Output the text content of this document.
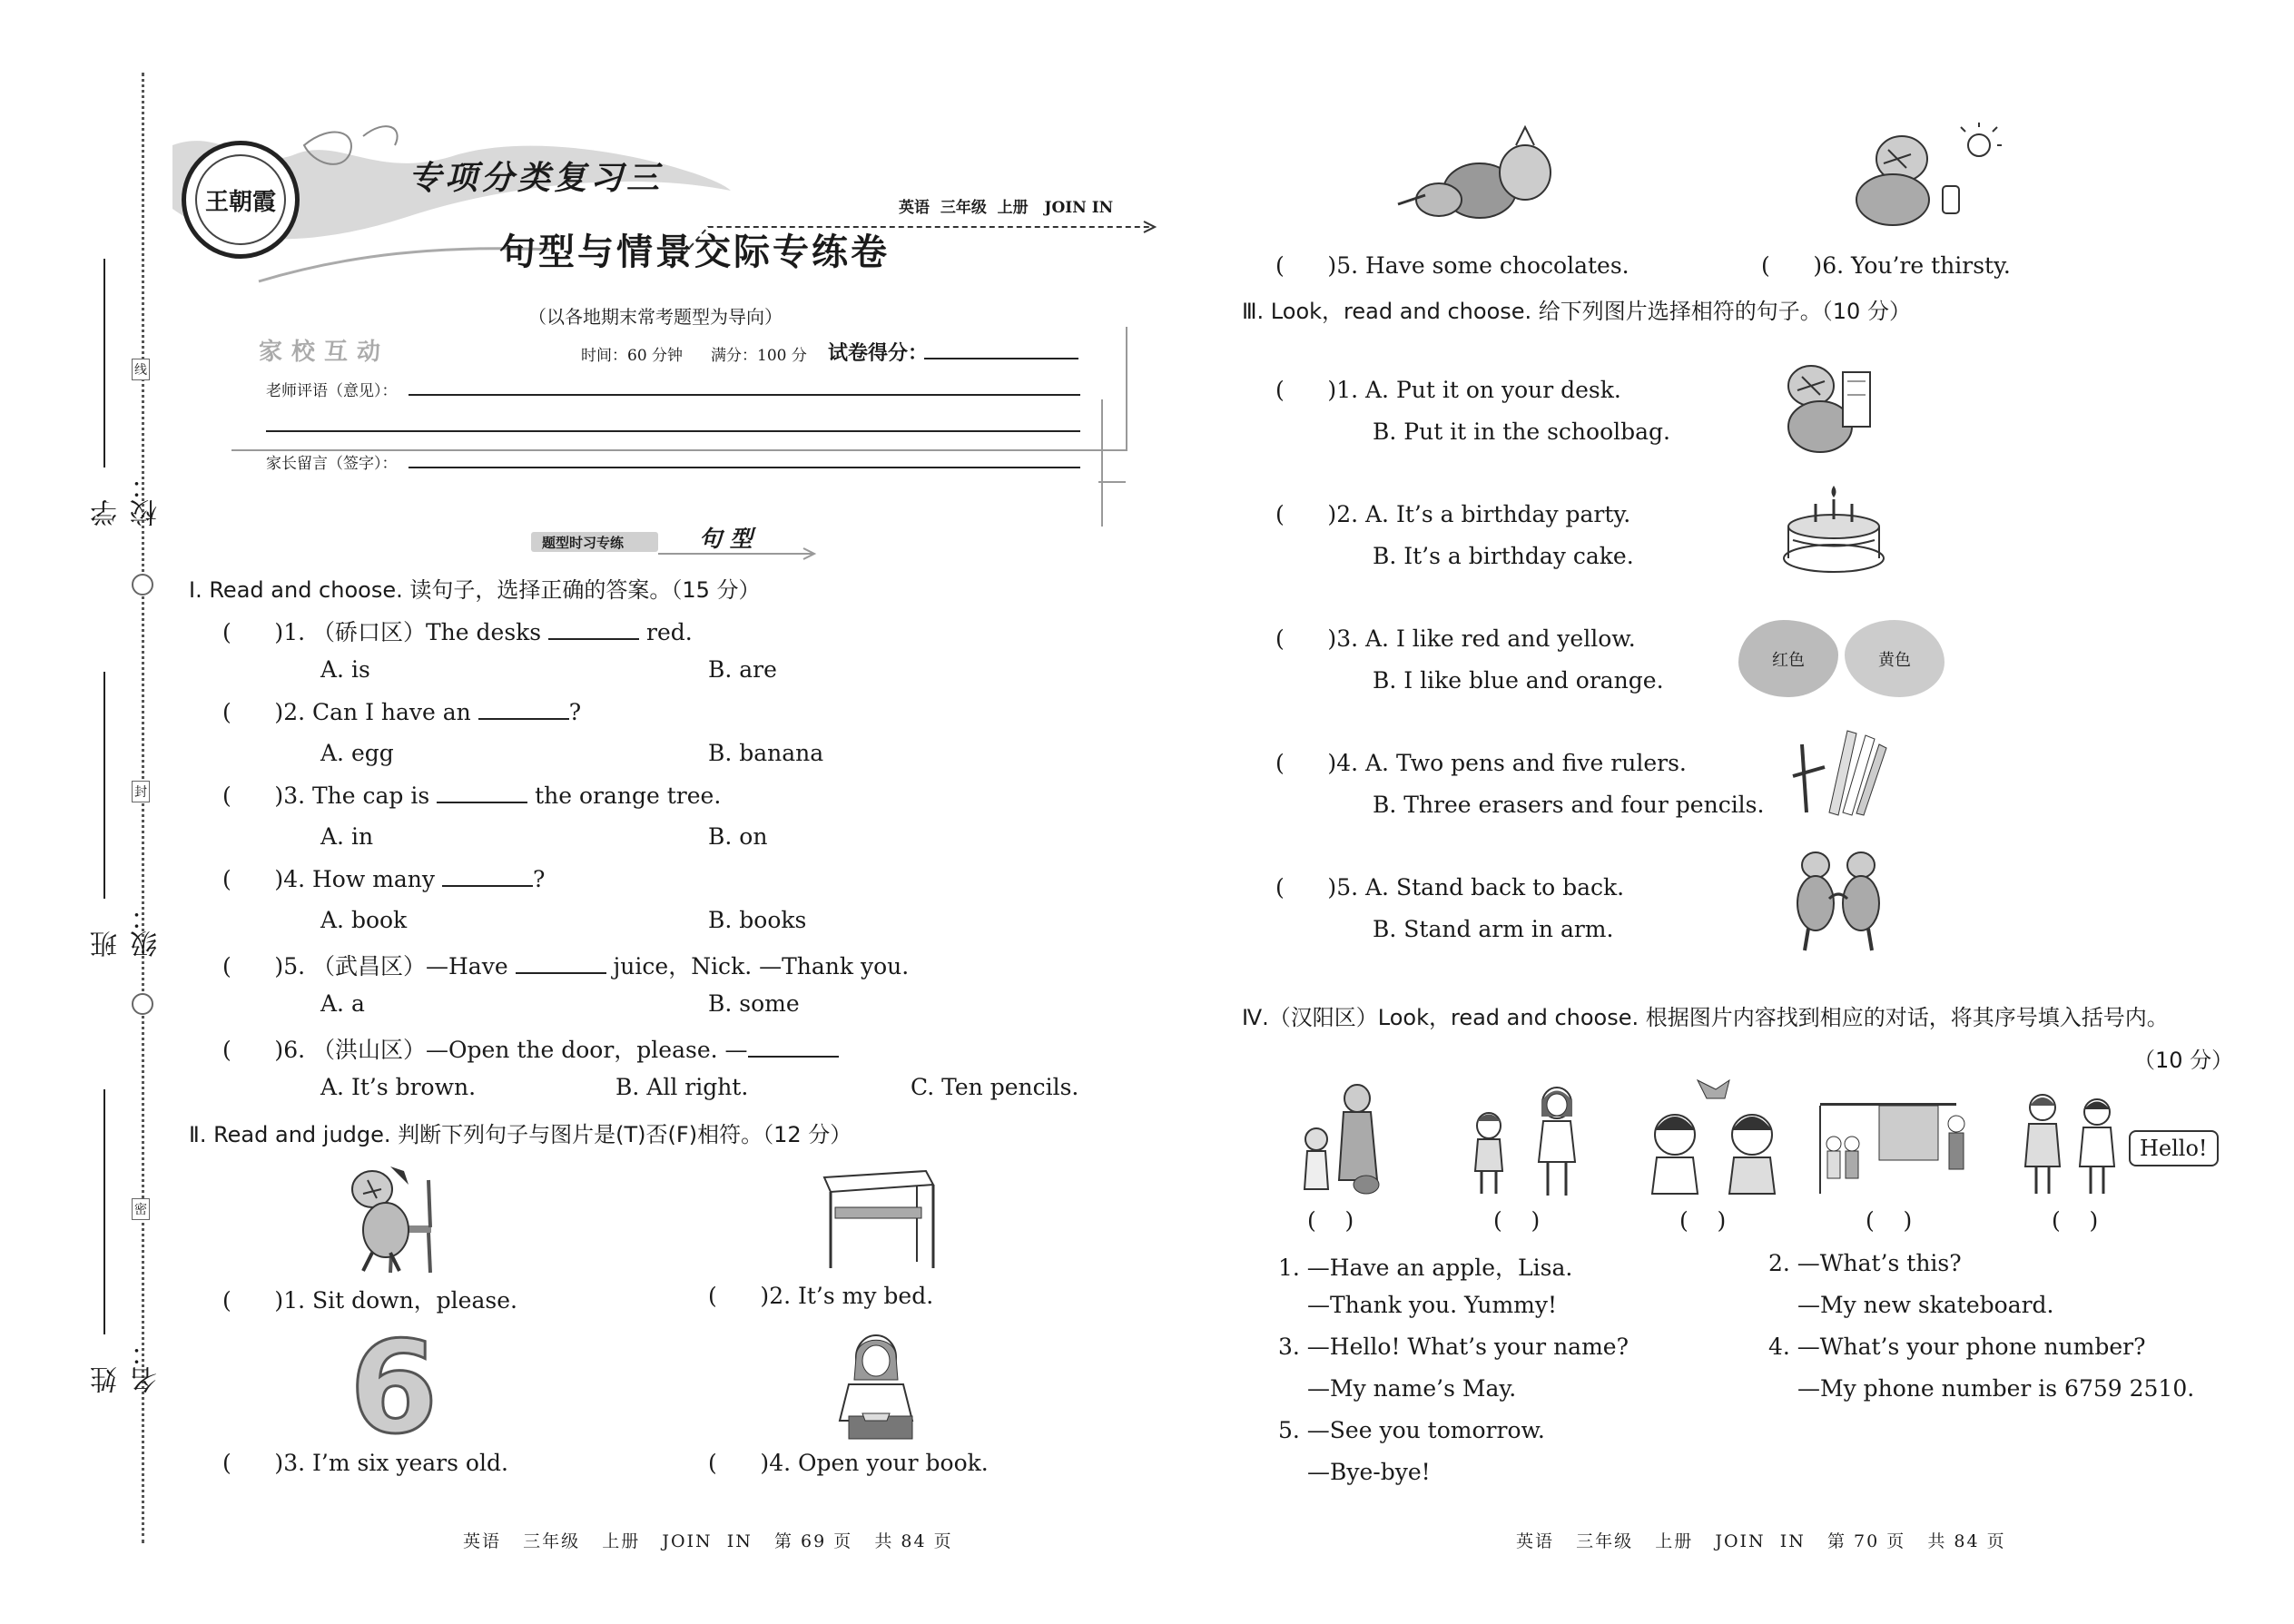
学校：
班级：
姓名：
线
封
密
王朝霞
专项分类复习三
英语  三年级  上册   JOIN IN
句型与情景交际专练卷
（以各地期末常考题型为导向）
家校互动	时间：60 分钟 满分：100 分 试卷得分：
老师评语（意见）：
家长留言（签字）：
题型时习专练	句 型
Ⅰ. Read and choose. 读句子，选择正确的答案。（15 分）
(      )1. （硚口区）The desks	red.
A. is	B. are
(      )2. Can I have an	?
A. egg	B. banana
(      )3. The cap is	the orange tree.
A. in	B. on
(      )4. How many	?
A. book	B. books
(      )5. （武昌区）—Have	juice，Nick. —Thank you.
A. a	B. some
(      )6. （洪山区）—Open the door，please. —
A. It’s brown.	B. All right.	C. Ten pencils.
Ⅱ. Read and judge. 判断下列句子与图片是(T)否(F)相符。（12 分）
(      )1. Sit down，please.	(      )2. It’s my bed.
6
(      )3. I’m six years old.	(      )4. Open your book.
英语   三年级   上册   JOIN  IN   第 69 页   共 84 页
(      )5. Have some chocolates.	(      )6. You’re thirsty.
Ⅲ. Look，read and choose. 给下列图片选择相符的句子。（10 分）
(      )1. A. Put it on your desk.
B. Put it in the schoolbag.
(      )2. A. It’s a birthday party.
B. It’s a birthday cake.
(      )3. A. I like red and yellow.
B. I like blue and orange.
红色	黄色
(      )4. A. Two pens and five rulers.
B. Three erasers and four pencils.
(      )5. A. Stand back to back.
B. Stand arm in arm.
Ⅳ.（汉阳区）Look，read and choose. 根据图片内容找到相应的对话，将其序号填入括号内。
（10 分）
Hello!
(    )	(    )	(    )	(    )	(    )
1. —Have an apple，Lisa.
—Thank you. Yummy!
2. —What’s this?
—My new skateboard.
3. —Hello! What’s your name?
—My name’s May.
4. —What’s your phone number?
—My phone number is 6759 2510.
5. —See you tomorrow.
—Bye-bye!
英语   三年级   上册   JOIN  IN   第 70 页   共 84 页
